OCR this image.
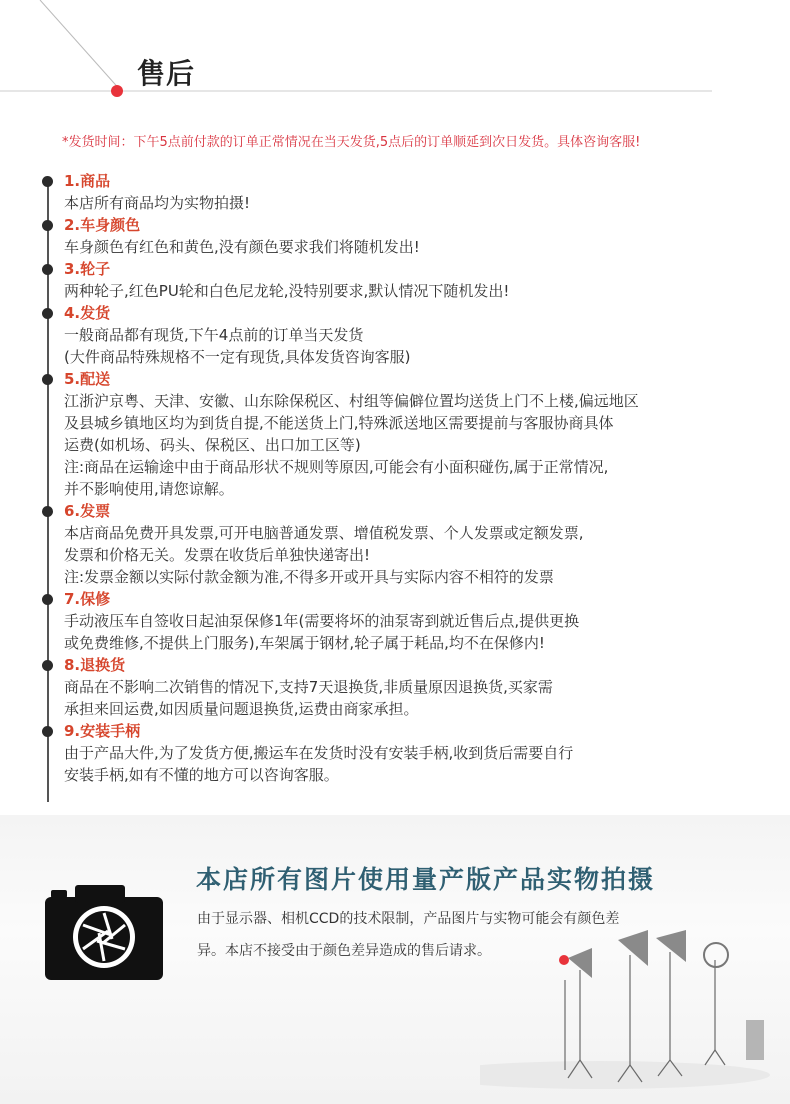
售后
*发货时间：下午5点前付款的订单正常情况在当天发货,5点后的订单顺延到次日发货。具体咨询客服!
1.商品
本店所有商品均为实物拍摄!
2.车身颜色
车身颜色有红色和黄色,没有颜色要求我们将随机发出!
3.轮子
两种轮子,红色PU轮和白色尼龙轮,没特别要求,默认情况下随机发出!
4.发货
一般商品都有现货,下午4点前的订单当天发货
(大件商品特殊规格不一定有现货,具体发货咨询客服)
5.配送
江浙沪京粤、天津、安徽、山东除保税区、村组等偏僻位置均送货上门不上楼,偏远地区
及县城乡镇地区均为到货自提,不能送货上门,特殊派送地区需要提前与客服协商具体
运费(如机场、码头、保税区、出口加工区等)
注:商品在运输途中由于商品形状不规则等原因,可能会有小面积碰伤,属于正常情况,
并不影响使用,请您谅解。
6.发票
本店商品免费开具发票,可开电脑普通发票、增值税发票、个人发票或定额发票,
发票和价格无关。发票在收货后单独快递寄出!
注:发票金额以实际付款金额为准,不得多开或开具与实际内容不相符的发票
7.保修
手动液压车自签收日起油泵保修1年(需要将坏的油泵寄到就近售后点,提供更换
或免费维修,不提供上门服务),车架属于钢材,轮子属于耗品,均不在保修内!
8.退换货
商品在不影响二次销售的情况下,支持7天退换货,非质量原因退换货,买家需
承担来回运费,如因质量问题退换货,运费由商家承担。
9.安装手柄
由于产品大件,为了发货方便,搬运车在发货时没有安装手柄,收到货后需要自行
安装手柄,如有不懂的地方可以咨询客服。
本店所有图片使用量产版产品实物拍摄
由于显示器、相机CCD的技术限制，产品图片与实物可能会有颜色差
异。本店不接受由于颜色差异造成的售后请求。
